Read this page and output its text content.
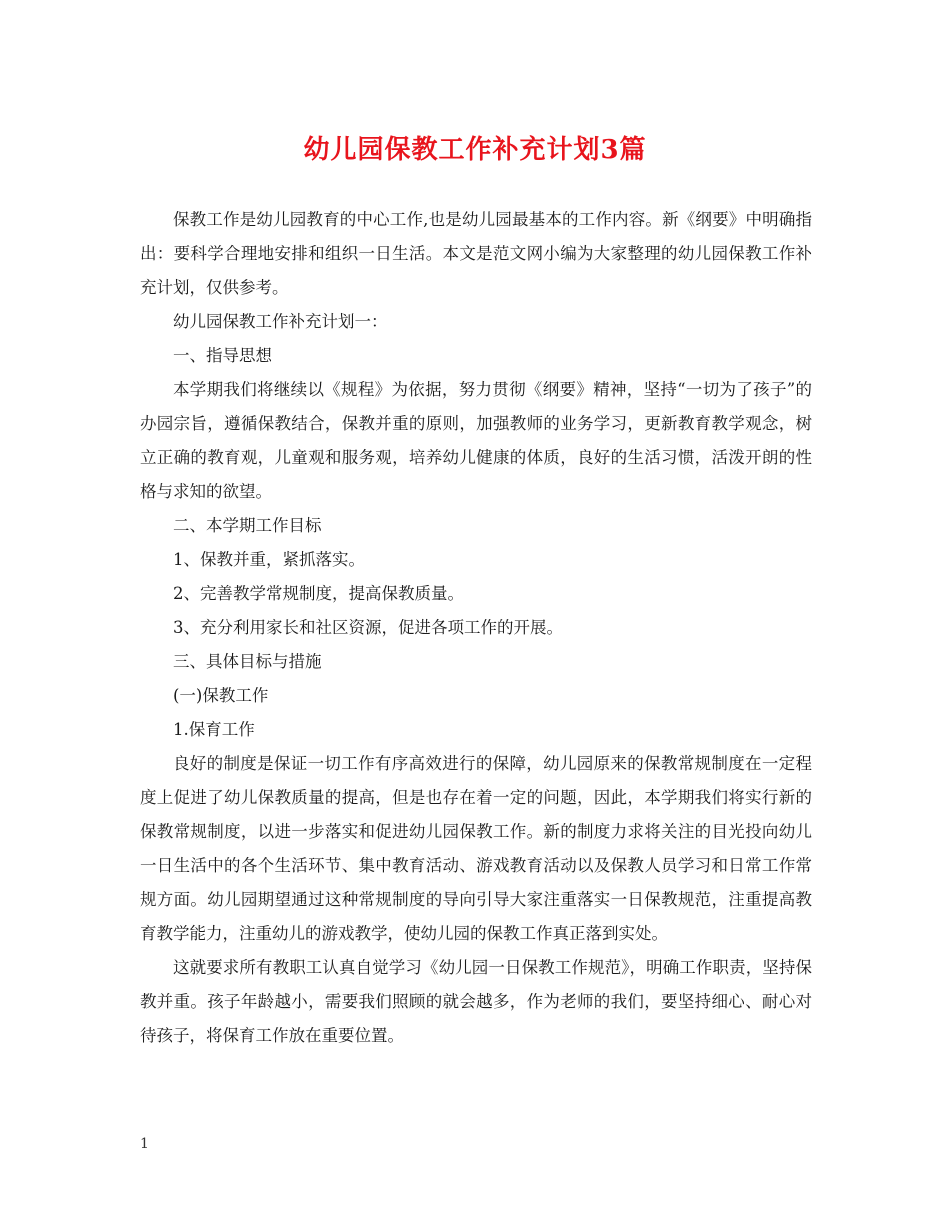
幼儿园保教工作补充计划3篇

保教工作是幼儿园教育的中心工作,也是幼儿园最基本的工作内容。新《纲要》中明确指出：要科学合理地安排和组织一日生活。本文是范文网小编为大家整理的幼儿园保教工作补充计划，仅供参考。

幼儿园保教工作补充计划一：

一、指导思想

本学期我们将继续以《规程》为依据，努力贯彻《纲要》精神，坚持“一切为了孩子”的办园宗旨，遵循保教结合，保教并重的原则，加强教师的业务学习，更新教育教学观念，树立正确的教育观，儿童观和服务观，培养幼儿健康的体质，良好的生活习惯，活泼开朗的性格与求知的欲望。

二、本学期工作目标

1、保教并重，紧抓落实。

2、完善教学常规制度，提高保教质量。

3、充分利用家长和社区资源，促进各项工作的开展。

三、具体目标与措施

(一)保教工作

1.保育工作

良好的制度是保证一切工作有序高效进行的保障，幼儿园原来的保教常规制度在一定程度上促进了幼儿保教质量的提高，但是也存在着一定的问题，因此，本学期我们将实行新的保教常规制度，以进一步落实和促进幼儿园保教工作。新的制度力求将关注的目光投向幼儿一日生活中的各个生活环节、集中教育活动、游戏教育活动以及保教人员学习和日常工作常规方面。幼儿园期望通过这种常规制度的导向引导大家注重落实一日保教规范，注重提高教育教学能力，注重幼儿的游戏教学，使幼儿园的保教工作真正落到实处。

这就要求所有教职工认真自觉学习《幼儿园一日保教工作规范》，明确工作职责，坚持保教并重。孩子年龄越小，需要我们照顾的就会越多，作为老师的我们，要坚持细心、耐心对待孩子，将保育工作放在重要位置。

1
